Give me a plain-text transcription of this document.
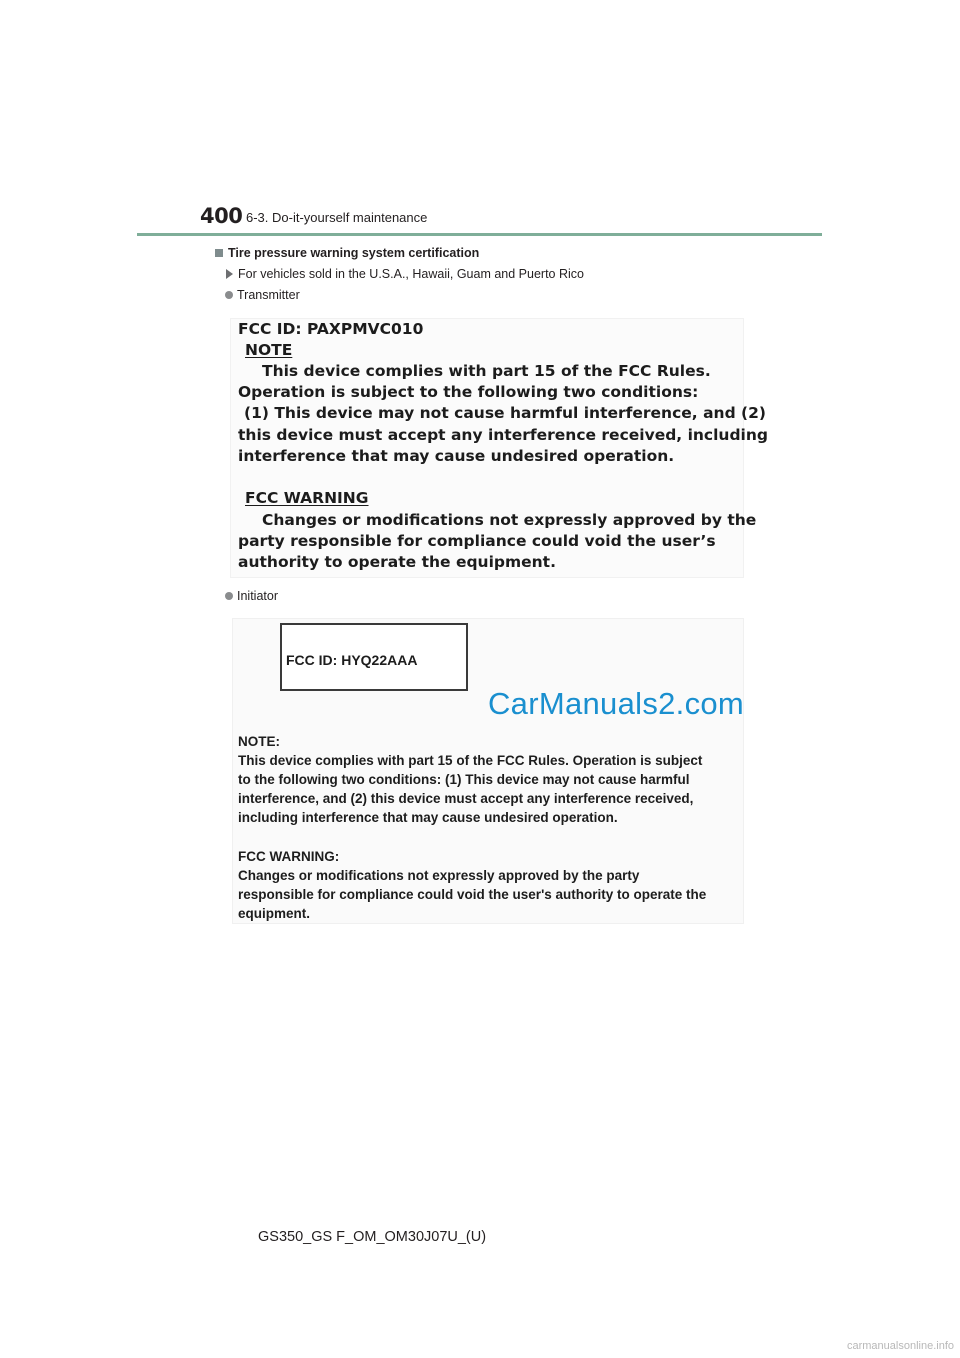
400 6-3. Do-it-yourself maintenance
Tire pressure warning system certification
For vehicles sold in the U.S.A., Hawaii, Guam and Puerto Rico
Transmitter
FCC ID: PAXPMVC010
NOTE
This device complies with part 15 of the FCC Rules.
Operation is subject to the following two conditions:
(1) This device may not cause harmful interference, and (2)
this device must accept any interference received, including
interference that may cause undesired operation.
FCC WARNING
Changes or modifications not expressly approved by the
party responsible for compliance could void the user’s
authority to operate the equipment.
Initiator
FCC ID: HYQ22AAA
NOTE:
This device complies with part 15 of the FCC Rules. Operation is subject
to the following two conditions: (1) This device may not cause harmful
interference, and (2) this device must accept any interference received,
including interference that may cause undesired operation.
FCC WARNING:
Changes or modifications not expressly approved by the party
responsible for compliance could void the user's authority to operate the
equipment.
CarManuals2.com
GS350_GS F_OM_OM30J07U_(U)
carmanualsonline.info
